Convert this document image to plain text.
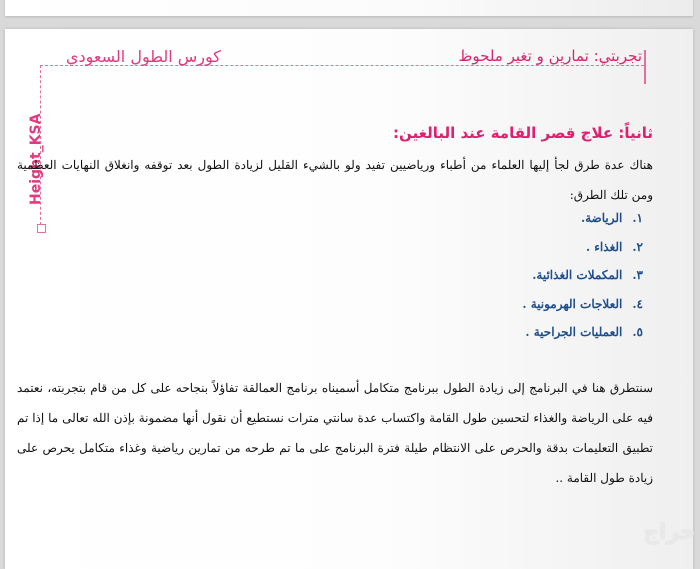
كورس الطول السعودي	تجربتي: تمارين و تغير ملحوظ
Height_KSA	ثانياً: علاج قصر القامة عند البالغين:
هناك عدة طرق لجأ إليها العلماء من أطباء ورياضيين تفيد ولو بالشيء القليل لزيادة الطول بعد توقفه وانغلاق النهايات العظمية ومن تلك الطرق:
١.الرياضة.
٢.الغذاء .
٣.المكملات الغذائية.
٤.العلاجات الهرمونية .
٥.العمليات الجراحية .
سنتطرق هنا في البرنامج إلى زيادة الطول ببرنامج متكامل أسميناه برنامج العمالقة تفاؤلاً بنجاحه على كل من قام بتجربته، نعتمد فيه على الرياضة والغذاء لتحسين طول القامة واكتساب عدة سانتي مترات نستطيع أن نقول أنها مضمونة بإذن الله تعالى ما إذا تم تطبيق التعليمات بدقة والحرص على الانتظام طيلة فترة البرنامج على ما تم طرحه من تمارين رياضية وغذاء متكامل يحرص على زيادة طول القامة ..
حراج
